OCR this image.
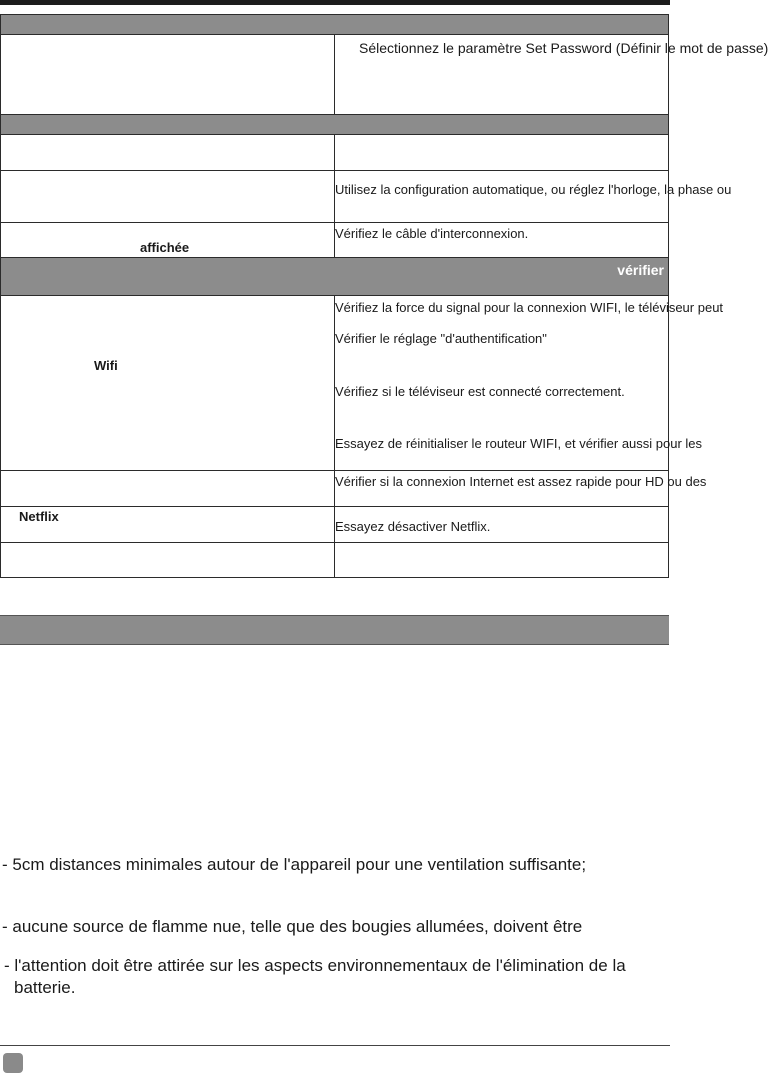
	Sélectionnez le paramètre Set Password (Définir le mot de passe)

	Utilisez la configuration automatique, ou réglez l'horloge, la phase ou

affichée	Vérifiez le câble d'interconnexion.

vérifier	

Wifi	Vérifiez la force du signal pour la connexion WIFI, le téléviseur peut

Vérifier le réglage "d'authentification"

Vérifiez si le téléviseur est connecté correctement.

Essayez de réinitialiser le routeur WIFI, et vérifier aussi pour les

	Vérifier si la connexion Internet est assez rapide pour HD ou des

Netflix	Essayez désactiver Netflix.

- 5cm distances minimales autour de l'appareil pour une ventilation suffisante;
- aucune source de flamme nue, telle que des bougies allumées, doivent être
- l'attention doit être attirée sur les aspects environnementaux de l'élimination de la
batterie.
